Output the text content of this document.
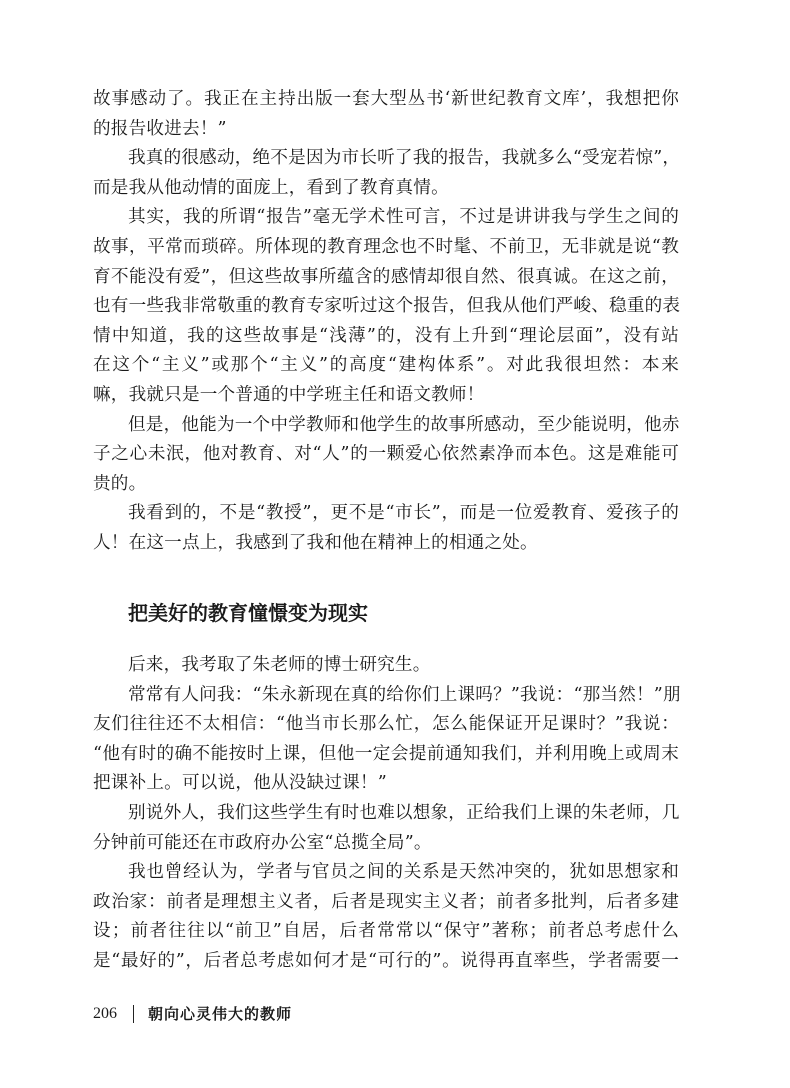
故事感动了。我正在主持出版一套大型丛书‘新世纪教育文库’，我想把你
的报告收进去！”
我真的很感动，绝不是因为市长听了我的报告，我就多么“受宠若惊”，
而是我从他动情的面庞上，看到了教育真情。
其实，我的所谓“报告”毫无学术性可言，不过是讲讲我与学生之间的
故事，平常而琐碎。所体现的教育理念也不时髦、不前卫，无非就是说“教
育不能没有爱”，但这些故事所蕴含的感情却很自然、很真诚。在这之前，
也有一些我非常敬重的教育专家听过这个报告，但我从他们严峻、稳重的表
情中知道，我的这些故事是“浅薄”的，没有上升到“理论层面”，没有站
在这个“主义”或那个“主义”的高度“建构体系”。对此我很坦然：本来
嘛，我就只是一个普通的中学班主任和语文教师！
但是，他能为一个中学教师和他学生的故事所感动，至少能说明，他赤
子之心未泯，他对教育、对“人”的一颗爱心依然素净而本色。这是难能可
贵的。
我看到的，不是“教授”，更不是“市长”，而是一位爱教育、爱孩子的
人！在这一点上，我感到了我和他在精神上的相通之处。
把美好的教育憧憬变为现实
后来，我考取了朱老师的博士研究生。
常常有人问我：“朱永新现在真的给你们上课吗？”我说：“那当然！”朋
友们往往还不太相信：“他当市长那么忙，怎么能保证开足课时？”我说：
“他有时的确不能按时上课，但他一定会提前通知我们，并利用晚上或周末
把课补上。可以说，他从没缺过课！”
别说外人，我们这些学生有时也难以想象，正给我们上课的朱老师，几
分钟前可能还在市政府办公室“总揽全局”。
我也曾经认为，学者与官员之间的关系是天然冲突的，犹如思想家和
政治家：前者是理想主义者，后者是现实主义者；前者多批判，后者多建
设；前者往往以“前卫”自居，后者常常以“保守”著称；前者总考虑什么
是“最好的”，后者总考虑如何才是“可行的”。说得再直率些，学者需要一
206 朝向心灵伟大的教师
